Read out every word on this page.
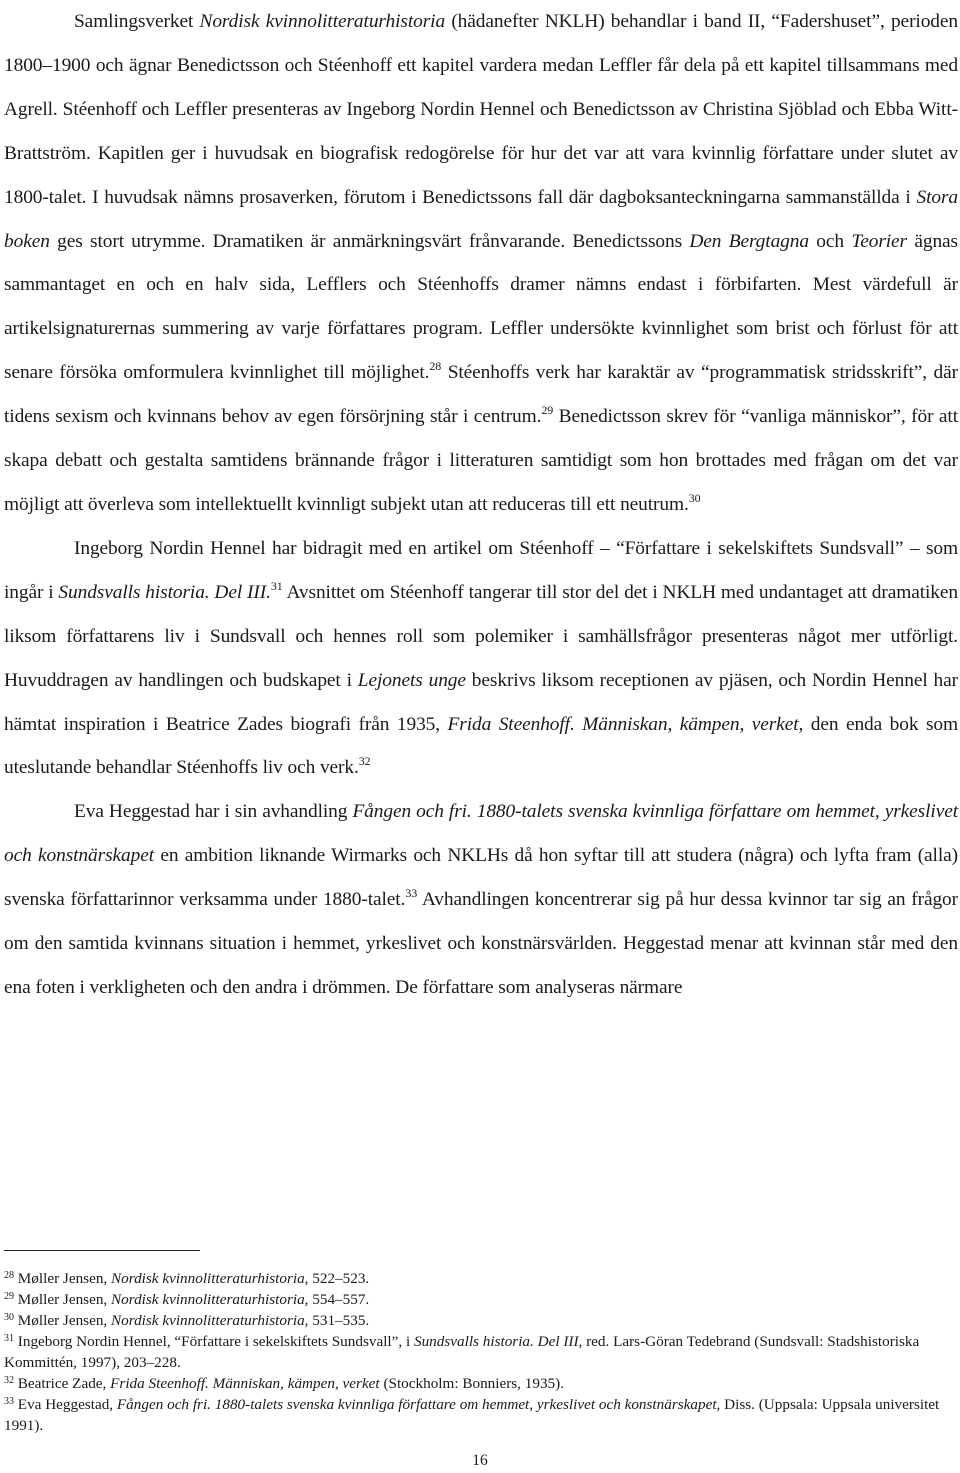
Samlingsverket Nordisk kvinnolitteraturhistoria (hädanefter NKLH) behandlar i band II, “Fadershuset”, perioden 1800–1900 och ägnar Benedictsson och Stéenhoff ett kapitel vardera medan Leffler får dela på ett kapitel tillsammans med Agrell. Stéenhoff och Leffler presenteras av Ingeborg Nordin Hennel och Benedictsson av Christina Sjöblad och Ebba Witt-Brattström. Kapitlen ger i huvudsak en biografisk redogörelse för hur det var att vara kvinnlig författare under slutet av 1800-talet. I huvudsak nämns prosaverken, förutom i Benedictssons fall där dagboksanteckningarna sammanställda i Stora boken ges stort utrymme. Dramatiken är anmärkningsvärt frånvarande. Benedictssons Den Bergtagna och Teorier ägnas sammantaget en och en halv sida, Lefflers och Stéenhoffs dramer nämns endast i förbifarten. Mest värdefull är artikelsignaturernas summering av varje författares program. Leffler undersökte kvinnlighet som brist och förlust för att senare försöka omformulera kvinnlighet till möjlighet.$^{28}$ Stéenhoffs verk har karaktär av “programmatisk stridsskrift”, där tidens sexism och kvinnans behov av egen försörjning står i centrum.$^{29}$ Benedictsson skrev för “vanliga människor”, för att skapa debatt och gestalta samtidens brännande frågor i litteraturen samtidigt som hon brottades med frågan om det var möjligt att överleva som intellektuellt kvinnligt subjekt utan att reduceras till ett neutrum.$^{30}$

Ingeborg Nordin Hennel har bidragit med en artikel om Stéenhoff – “Författare i sekelskiftets Sundsvall” – som ingår i Sundsvalls historia. Del III.$^{31}$ Avsnittet om Stéenhoff tangerar till stor del det i NKLH med undantaget att dramatiken liksom författarens liv i Sundsvall och hennes roll som polemiker i samhällsfrågor presenteras något mer utförligt. Huvuddragen av handlingen och budskapet i Lejonets unge beskrivs liksom receptionen av pjäsen, och Nordin Hennel har hämtat inspiration i Beatrice Zades biografi från 1935, Frida Steenhoff. Människan, kämpen, verket, den enda bok som uteslutande behandlar Stéenhoffs liv och verk.$^{32}$

Eva Heggestad har i sin avhandling Fången och fri. 1880-talets svenska kvinnliga författare om hemmet, yrkeslivet och konstnärskapet en ambition liknande Wirmarks och NKLHs då hon syftar till att studera (några) och lyfta fram (alla) svenska författarinnor verksamma under 1880-talet.$^{33}$ Avhandlingen koncentrerar sig på hur dessa kvinnor tar sig an frågor om den samtida kvinnans situation i hemmet, yrkeslivet och konstnärsvärlden. Heggestad menar att kvinnan står med den ena foten i verkligheten och den andra i drömmen. De författare som analyseras närmare

$^{28}$ Møller Jensen, Nordisk kvinnolitteraturhistoria, 522–523.

$^{29}$ Møller Jensen, Nordisk kvinnolitteraturhistoria, 554–557.

$^{30}$ Møller Jensen, Nordisk kvinnolitteraturhistoria, 531–535.

$^{31}$ Ingeborg Nordin Hennel, “Författare i sekelskiftets Sundsvall”, i Sundsvalls historia. Del III, red. Lars-Göran Tedebrand (Sundsvall: Stadshistoriska Kommittén, 1997), 203–228.

$^{32}$ Beatrice Zade, Frida Steenhoff. Människan, kämpen, verket (Stockholm: Bonniers, 1935).

$^{33}$ Eva Heggestad, Fången och fri. 1880-talets svenska kvinnliga författare om hemmet, yrkeslivet och konstnärskapet, Diss. (Uppsala: Uppsala universitet 1991).

16
